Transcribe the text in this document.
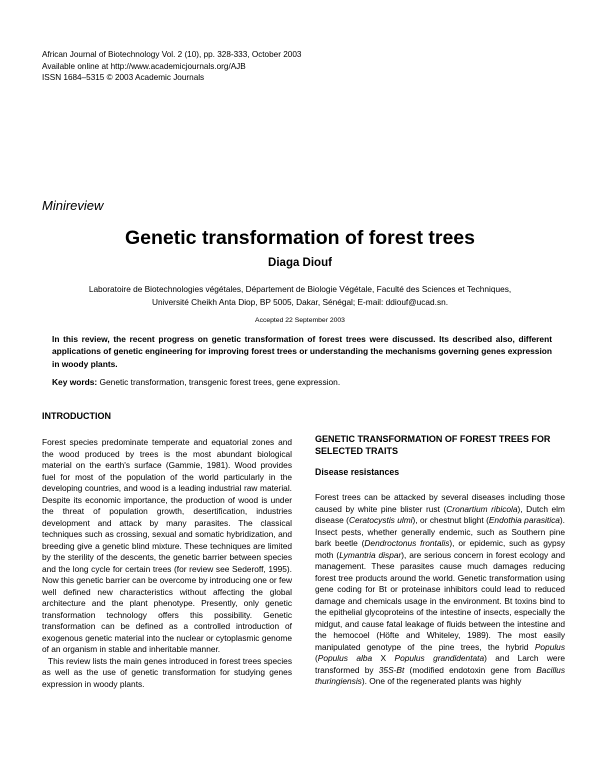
African Journal of Biotechnology Vol. 2 (10), pp. 328-333, October 2003
Available online at http://www.academicjournals.org/AJB
ISSN 1684–5315 © 2003 Academic Journals
Minireview
Genetic transformation of forest trees
Diaga Diouf
Laboratoire de Biotechnologies végétales, Département de Biologie Végétale, Faculté des Sciences et Techniques,
Université Cheikh Anta Diop, BP 5005, Dakar, Sénégal; E-mail: ddiouf@ucad.sn.
Accepted 22 September 2003
In this review, the recent progress on genetic transformation of forest trees were discussed. Its described also, different applications of genetic engineering for improving forest trees or understanding the mechanisms governing genes expression in woody plants.
Key words: Genetic transformation, transgenic forest trees, gene expression.
INTRODUCTION

Forest species predominate temperate and equatorial zones and the wood produced by trees is the most abundant biological material on the earth's surface (Gammie, 1981). Wood provides fuel for most of the population of the world particularly in the developing countries, and wood is a leading industrial raw material. Despite its economic importance, the production of wood is under the threat of population growth, desertification, industries development and attack by many parasites. The classical techniques such as crossing, sexual and somatic hybridization, and breeding give a genetic blind mixture. These techniques are limited by the sterility of the descents, the genetic barrier between species and the long cycle for certain trees (for review see Sederoff, 1995). Now this genetic barrier can be overcome by introducing one or few well defined new characteristics without affecting the global architecture and the plant phenotype. Presently, only genetic transformation technology offers this possibility. Genetic transformation can be defined as a controlled introduction of exogenous genetic material into the nuclear or cytoplasmic genome of an organism in stable and inheritable manner.

This review lists the main genes introduced in forest trees species as well as the use of genetic transformation for studying genes expression in woody plants.

GENETIC TRANSFORMATION OF FOREST TREES FOR SELECTED TRAITS
Disease resistances

Forest trees can be attacked by several diseases including those caused by white pine blister rust (Cronartium ribicola), Dutch elm disease (Ceratocystis ulmi), or chestnut blight (Endothia parasitica). Insect pests, whether generally endemic, such as Southern pine bark beetle (Dendroctonus frontalis), or epidemic, such as gypsy moth (Lymantria dispar), are serious concern in forest ecology and management. These parasites cause much damages reducing forest tree products around the world. Genetic transformation using gene coding for Bt or proteinase inhibitors could lead to reduced damage and chemicals usage in the environment. Bt toxins bind to the epithelial glycoproteins of the intestine of insects, especially the midgut, and cause fatal leakage of fluids between the intestine and the hemocoel (Höfte and Whiteley, 1989). The most easily manipulated genotype of the pine trees, the hybrid Populus (Populus alba X Populus grandidentata) and Larch were transformed by 35S-Bt (modified endotoxin gene from Bacillus thuringiensis). One of the regenerated plants was highly
